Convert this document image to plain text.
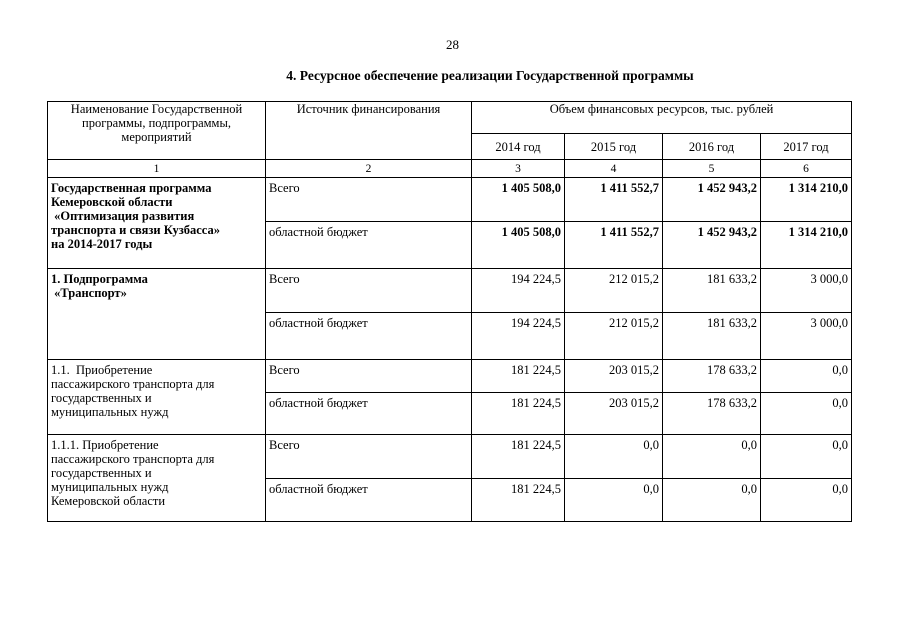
28
4. Ресурсное обеспечение реализации Государственной программы
Наименование Государственной
программы, подпрограммы,
мероприятий	Источник финансирования	Объем финансовых ресурсов, тыс. рублей			
		2014 год	2015 год	2016 год	2017 год
1	2	3	4	5	6

Государственная программа
Кемеровской области
«Оптимизация развития
транспорта и связи Кузбасса»
на 2014-2017 годы	Всего	1 405 508,0	1 411 552,7	1 452 943,2	1 314 210,0
	областной бюджет	1 405 508,0	1 411 552,7	1 452 943,2	1 314 210,0

1. Подпрограмма
«Транспорт»	Всего	194 224,5	212 015,2	181 633,2	3 000,0
	областной бюджет	194 224,5	212 015,2	181 633,2	3 000,0

1.1.  Приобретение
пассажирского транспорта для
государственных и
муниципальных нужд	Всего	181 224,5	203 015,2	178 633,2	0,0
	областной бюджет	181 224,5	203 015,2	178 633,2	0,0

1.1.1. Приобретение
пассажирского транспорта для
государственных и
муниципальных нужд
Кемеровской области	Всего	181 224,5	0,0	0,0	0,0
	областной бюджет	181 224,5	0,0	0,0	0,0
